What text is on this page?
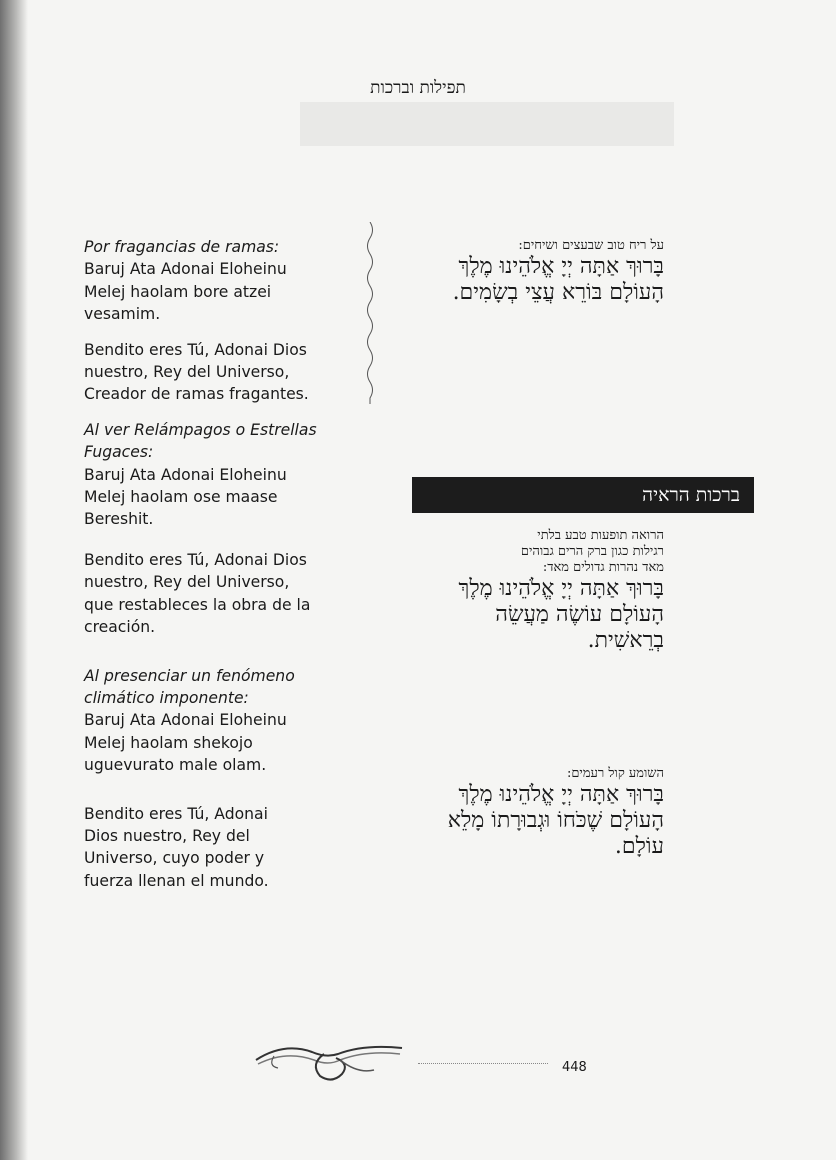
תפילות וברכות

Por fragancias de ramas:

Baruj Ata Adonai Eloheinu

Melej haolam bore atzei

vesamim.

Bendito eres Tú, Adonai Dios

nuestro, Rey del Universo,

Creador de ramas fragantes.

Al ver Relámpagos o Estrellas

Fugaces:

Baruj Ata Adonai Eloheinu

Melej haolam ose maase

Bereshit.

Bendito eres Tú, Adonai Dios

nuestro, Rey del Universo,

que restableces la obra de la

creación.

Al presenciar un fenómeno

climático imponente:

Baruj Ata Adonai Eloheinu

Melej haolam shekojo

uguevurato male olam.

Bendito eres Tú, Adonai

Dios nuestro, Rey del

Universo, cuyo poder y

fuerza llenan el mundo.

על ריח טוב שבעצים ושיחים:
בָּרוּךְ אַתָּה יְיָ אֱלֹהֵינוּ מֶלֶךְ
הָעוֹלָם בּוֹרֵא עֲצֵי בְשָׂמִים.
ברכות הראיה
הרואה תופעות טבע בלתי
רגילות כגון ברק הרים גבוהים
מאד נהרות גדולים מאד:
בָּרוּךְ אַתָּה יְיָ אֱלֹהֵינוּ מֶלֶךְ
הָעוֹלָם עוֹשֶׂה מַעֲשֵׂה
בְרֵאשִׁית.
השומע קול רעמים:
בָּרוּךְ אַתָּה יְיָ אֱלֹהֵינוּ מֶלֶךְ
הָעוֹלָם שֶׁכֹּחוֹ וּגְבוּרָתוֹ מָלֵא
עוֹלָם.
448
